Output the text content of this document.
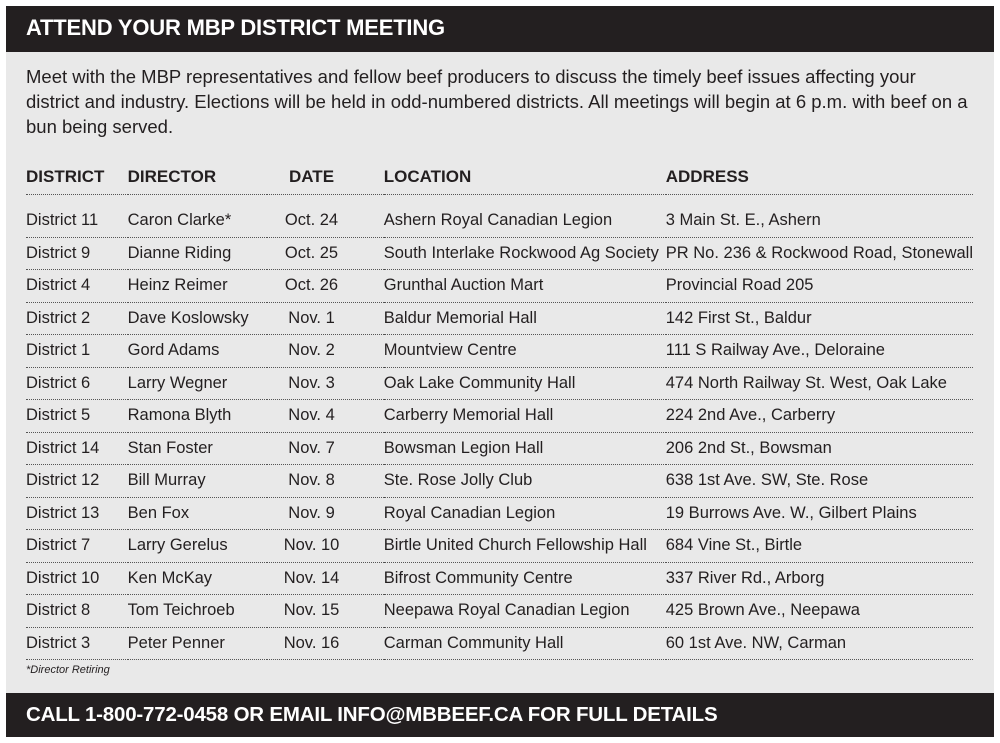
ATTEND YOUR MBP DISTRICT MEETING

Meet with the MBP representatives and fellow beef producers to discuss the timely beef issues affecting your district and industry. Elections will be held in odd-numbered districts. All meetings will begin at 6 p.m. with beef on a bun being served.

DISTRICT	DIRECTOR	DATE	LOCATION	ADDRESS
District 11	Caron Clarke*	Oct. 24	Ashern Royal Canadian Legion	3 Main St. E., Ashern
District 9	Dianne Riding	Oct. 25	South Interlake Rockwood Ag Society	PR No. 236 & Rockwood Road, Stonewall
District 4	Heinz Reimer	Oct. 26	Grunthal Auction Mart	Provincial Road 205
District 2	Dave Koslowsky	Nov. 1	Baldur Memorial Hall	142 First St., Baldur
District 1	Gord Adams	Nov. 2	Mountview Centre	111 S Railway Ave., Deloraine
District 6	Larry Wegner	Nov. 3	Oak Lake Community Hall	474 North Railway St. West, Oak Lake
District 5	Ramona Blyth	Nov. 4	Carberry Memorial Hall	224 2nd Ave., Carberry
District 14	Stan Foster	Nov. 7	Bowsman Legion Hall	206 2nd St., Bowsman
District 12	Bill Murray	Nov. 8	Ste. Rose Jolly Club	638 1st Ave. SW, Ste. Rose
District 13	Ben Fox	Nov. 9	Royal Canadian Legion	19 Burrows Ave. W., Gilbert Plains
District 7	Larry Gerelus	Nov. 10	Birtle United Church Fellowship Hall	684 Vine St., Birtle
District 10	Ken McKay	Nov. 14	Bifrost Community Centre	337 River Rd., Arborg
District 8	Tom Teichroeb	Nov. 15	Neepawa Royal Canadian Legion	425 Brown Ave., Neepawa
District 3	Peter Penner	Nov. 16	Carman Community Hall	60 1st Ave. NW, Carman
*Director Retiring
CALL 1-800-772-0458 OR EMAIL INFO@MBBEEF.CA FOR FULL DETAILS
